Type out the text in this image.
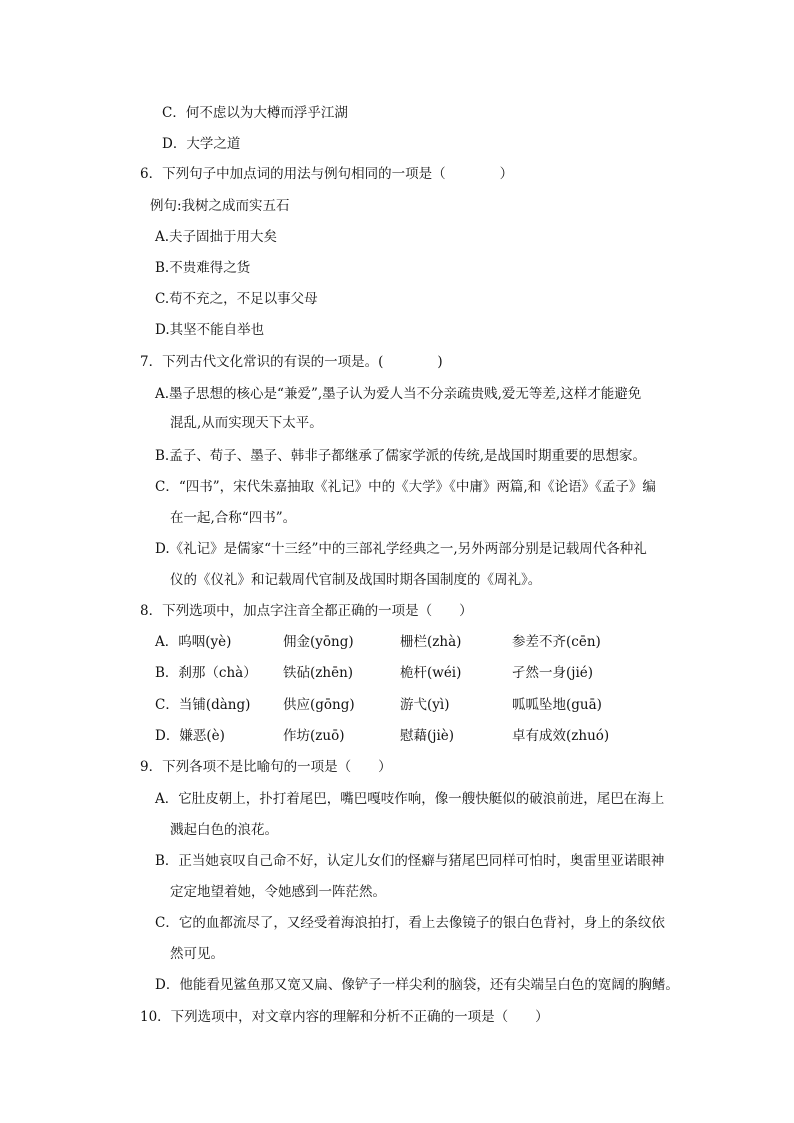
C．何不虑以为大樽而浮乎江湖
D．大学之道
6．下列句子中加点词的用法与例句相同的一项是（　　　　）
例句:我树之成而实五石
A.夫子固拙于用大矣
B.不贵难得之货
C.苟不充之，不足以事父母
D.其坚不能自举也
7．下列古代文化常识的有误的一项是。(　　　　)
A.墨子思想的核心是“兼爱”,墨子认为爱人当不分亲疏贵贱,爱无等差,这样才能避免
混乱,从而实现天下太平。
B.孟子、荀子、墨子、韩非子都继承了儒家学派的传统,是战国时期重要的思想家。
C．“四书”，宋代朱嘉抽取《礼记》中的《大学》《中庸》两篇,和《论语》《孟子》编
在一起,合称“四书”。
D.《礼记》是儒家“十三经”中的三部礼学经典之一,另外两部分别是记载周代各种礼
仪的《仪礼》和记载周代官制及战国时期各国制度的《周礼》。
8．下列选项中，加点字注音全都正确的一项是（　　）
A．呜咽(yè)	佣金(yōng)	栅栏(zhà)	参差不齐(cēn)
B．刹那（chà） 铁砧(zhēn)	桅杆(wéi)	孑然一身(jié)
C．当铺(dàng) 供应(gōng)	游弋(yì)	呱呱坠地(guā)
D．嫌恶(è)	作坊(zuō)	慰藉(jiè)	卓有成效(zhuó)
9．下列各项不是比喻句的一项是（　　）
A．它肚皮朝上，扑打着尾巴，嘴巴嘎吱作响，像一艘快艇似的破浪前进，尾巴在海上
溅起白色的浪花。
B．正当她哀叹自己命不好，认定儿女们的怪癖与猪尾巴同样可怕时，奥雷里亚诺眼神
定定地望着她，令她感到一阵茫然。
C．它的血都流尽了，又经受着海浪拍打，看上去像镜子的银白色背衬，身上的条纹依
然可见。
D．他能看见鲨鱼那又宽又扁、像铲子一样尖利的脑袋，还有尖端呈白色的宽阔的胸鳍。
10．下列选项中，对文章内容的理解和分析不正确的一项是（　　）
